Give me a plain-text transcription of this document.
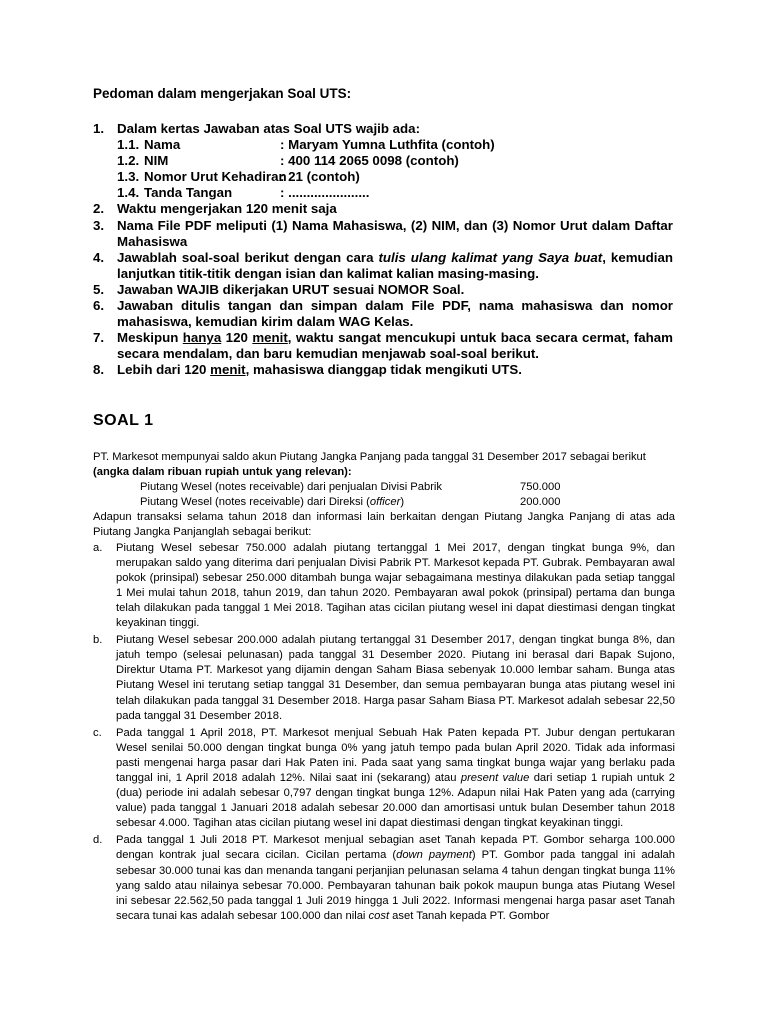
Pedoman dalam mengerjakan Soal UTS:
1. Dalam kertas Jawaban atas Soal UTS wajib ada:
1.1. Nama	: Maryam Yumna Luthfita (contoh)
1.2. NIM	: 400 114 2065 0098 (contoh)
1.3. Nomor Urut Kehadiran: 21 (contoh)
1.4. Tanda Tangan	: ......................
2. Waktu mengerjakan 120 menit saja
3. Nama File PDF meliputi (1) Nama Mahasiswa, (2) NIM, dan (3) Nomor Urut dalam Daftar Mahasiswa
4. Jawablah soal-soal berikut dengan cara tulis ulang kalimat yang Saya buat, kemudian lanjutkan titik-titik dengan isian dan kalimat kalian masing-masing.
5. Jawaban WAJIB dikerjakan URUT sesuai NOMOR Soal.
6. Jawaban ditulis tangan dan simpan dalam File PDF, nama mahasiswa dan nomor mahasiswa, kemudian kirim dalam WAG Kelas.
7. Meskipun hanya 120 menit, waktu sangat mencukupi untuk baca secara cermat, faham secara mendalam, dan baru kemudian menjawab soal-soal berikut.
8. Lebih dari 120 menit, mahasiswa dianggap tidak mengikuti UTS.
SOAL 1
PT. Markesot mempunyai saldo akun Piutang Jangka Panjang pada tanggal 31 Desember 2017 sebagai berikut
(angka dalam ribuan rupiah untuk yang relevan):
Piutang Wesel (notes receivable) dari penjualan Divisi Pabrik	750.000
Piutang Wesel (notes receivable) dari Direksi (officer)	200.000
Adapun transaksi selama tahun 2018 dan informasi lain berkaitan dengan Piutang Jangka Panjang di atas ada Piutang Jangka Panjanglah sebagai berikut:
a. Piutang Wesel sebesar 750.000 adalah piutang tertanggal 1 Mei 2017, dengan tingkat bunga 9%, dan merupakan saldo yang diterima dari penjualan Divisi Pabrik PT. Markesot kepada PT. Gubrak. Pembayaran awal pokok (prinsipal) sebesar 250.000 ditambah bunga wajar sebagaimana mestinya dilakukan pada setiap tanggal 1 Mei mulai tahun 2018, tahun 2019, dan tahun 2020. Pembayaran awal pokok (prinsipal) pertama dan bunga telah dilakukan pada tanggal 1 Mei 2018. Tagihan atas cicilan piutang wesel ini dapat diestimasi dengan tingkat keyakinan tinggi.
b. Piutang Wesel sebesar 200.000 adalah piutang tertanggal 31 Desember 2017, dengan tingkat bunga 8%, dan jatuh tempo (selesai pelunasan) pada tanggal 31 Desember 2020. Piutang ini berasal dari Bapak Sujono, Direktur Utama PT. Markesot yang dijamin dengan Saham Biasa sebenyak 10.000 lembar saham. Bunga atas Piutang Wesel ini terutang setiap tanggal 31 Desember, dan semua pembayaran bunga atas piutang wesel ini telah dilakukan pada tanggal 31 Desember 2018. Harga pasar Saham Biasa PT. Markesot adalah sebesar 22,50 pada tanggal 31 Desember 2018.
c. Pada tanggal 1 April 2018, PT. Markesot menjual Sebuah Hak Paten kepada PT. Jubur dengan pertukaran Wesel senilai 50.000 dengan tingkat bunga 0% yang jatuh tempo pada bulan April 2020. Tidak ada informasi pasti mengenai harga pasar dari Hak Paten ini. Pada saat yang sama tingkat bunga wajar yang berlaku pada tanggal ini, 1 April 2018 adalah 12%. Nilai saat ini (sekarang) atau present value dari setiap 1 rupiah untuk 2 (dua) periode ini adalah sebesar 0,797 dengan tingkat bunga 12%. Adapun nilai Hak Paten yang ada (carrying value) pada tanggal 1 Januari 2018 adalah sebesar 20.000 dan amortisasi untuk bulan Desember tahun 2018 sebesar 4.000. Tagihan atas cicilan piutang wesel ini dapat diestimasi dengan tingkat keyakinan tinggi.
d. Pada tanggal 1 Juli 2018 PT. Markesot menjual sebagian aset Tanah kepada PT. Gombor seharga 100.000 dengan kontrak jual secara cicilan. Cicilan pertama (down payment) PT. Gombor pada tanggal ini adalah sebesar 30.000 tunai kas dan menanda tangani perjanjian pelunasan selama 4 tahun dengan tingkat bunga 11% yang saldo atau nilainya sebesar 70.000. Pembayaran tahunan baik pokok maupun bunga atas Piutang Wesel ini sebesar 22.562,50 pada tanggal 1 Juli 2019 hingga 1 Juli 2022. Informasi mengenai harga pasar aset Tanah secara tunai kas adalah sebesar 100.000 dan nilai cost aset Tanah kepada PT. Gombor
